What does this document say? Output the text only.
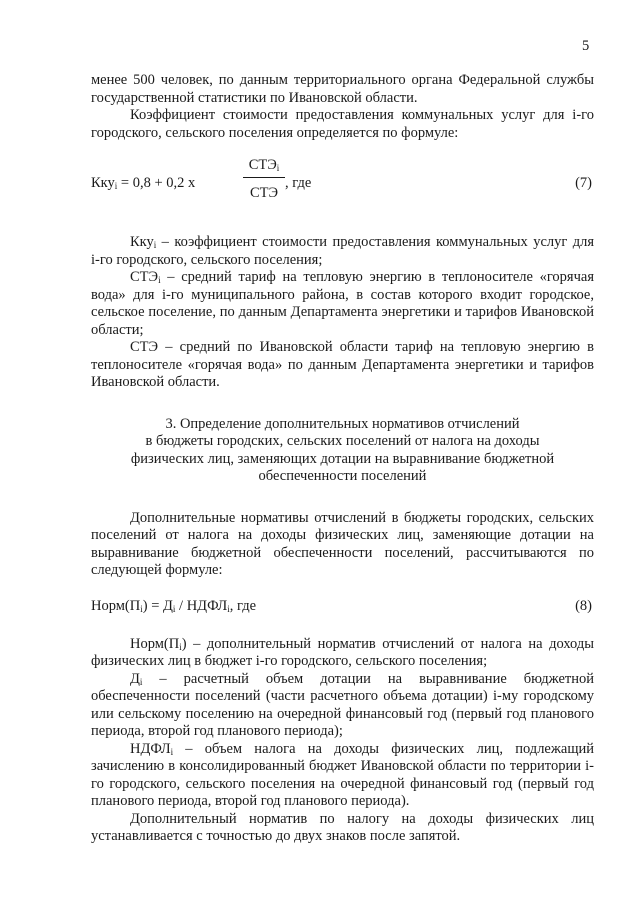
5

менее 500 человек, по данным территориального органа Федеральной службы государственной статистики по Ивановской области.

Коэффициент стоимости предоставления коммунальных услуг для i-го городского, сельского поселения определяется по формуле:

Кку$_i$ = 0,8 + 0,2 х
$СТЭ_i$
СТЭ
, где	(7)

Кку$_i$ – коэффициент стоимости предоставления коммунальных услуг для i-го городского, сельского поселения;

$СТЭ_i$ – средний тариф на тепловую энергию в теплоносителе «горячая вода» для i-го муниципального района, в состав которого входит городское, сельское поселение, по данным Департамента энергетики и тарифов Ивановской области;

СТЭ – средний по Ивановской области тариф на тепловую энергию в теплоносителе «горячая вода» по данным Департамента энергетики и тарифов Ивановской области.

3. Определение дополнительных нормативов отчислений
в бюджеты городских, сельских поселений от налога на доходы
физических лиц, заменяющих дотации на выравнивание бюджетной
обеспеченности поселений

Дополнительные нормативы отчислений в бюджеты городских, сельских поселений от налога на доходы физических лиц, заменяющие дотации на выравнивание бюджетной обеспеченности поселений, рассчитываются по следующей формуле:

$Норм(П_i) = Д_i$ / $НДФЛ_i$, где	(8)

$Норм(П_i)$ – дополнительный норматив отчислений от налога на доходы физических лиц в бюджет i-го городского, сельского поселения;

$Д_i$ – расчетный объем дотации на выравнивание бюджетной обеспеченности поселений (части расчетного объема дотации) i-му городскому или сельскому поселению на очередной финансовый год (первый год планового периода, второй год планового периода);

$НДФЛ_i$ – объем налога на доходы физических лиц, подлежащий зачислению в консолидированный бюджет Ивановской области по территории i-го городского, сельского поселения на очередной финансовый год (первый год планового периода, второй год планового периода).

Дополнительный норматив по налогу на доходы физических лиц устанавливается с точностью до двух знаков после запятой.
